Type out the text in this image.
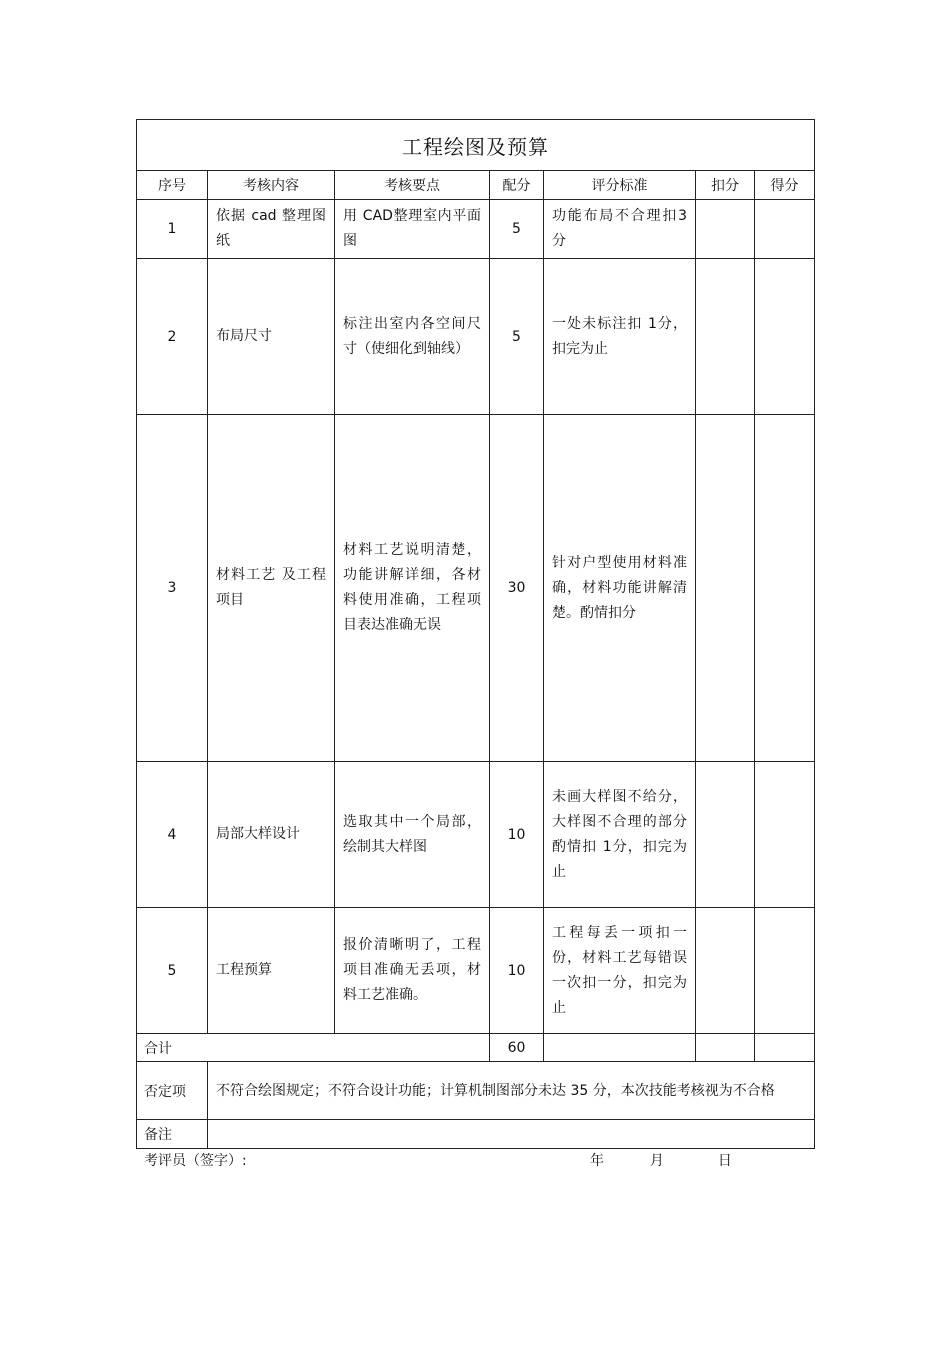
工程绘图及预算						
序号	考核内容	考核要点	配分	评分标准	扣分	得分
1	依据 cad 整理图纸	用 CAD整理室内平面图	5	功能布局不合理扣3 分		
2	布局尺寸	标注出室内各空间尺寸（使细化到轴线）	5	一处未标注扣 1分，扣完为止		
3	材料工艺 及工程项目	材料工艺说明清楚，功能讲解详细，各材料使用准确，工程项目表达准确无误	30	针对户型使用材料准确，材料功能讲解清楚。酌情扣分		
4	局部大样设计	选取其中一个局部，绘制其大样图	10	未画大样图不给分，大样图不合理的部分酌情扣 1分，扣完为止		
5	工程预算	报价清晰明了，工程项目准确无丢项，材料工艺准确。	10	工程每丢一项扣一份，材料工艺每错误一次扣一分，扣完为止		
合计			60			
否定项	不符合绘图规定；不符合设计功能；计算机制图部分未达 35 分，本次技能考核视为不合格					
备注						
考评员（签字）:	年	月	日
